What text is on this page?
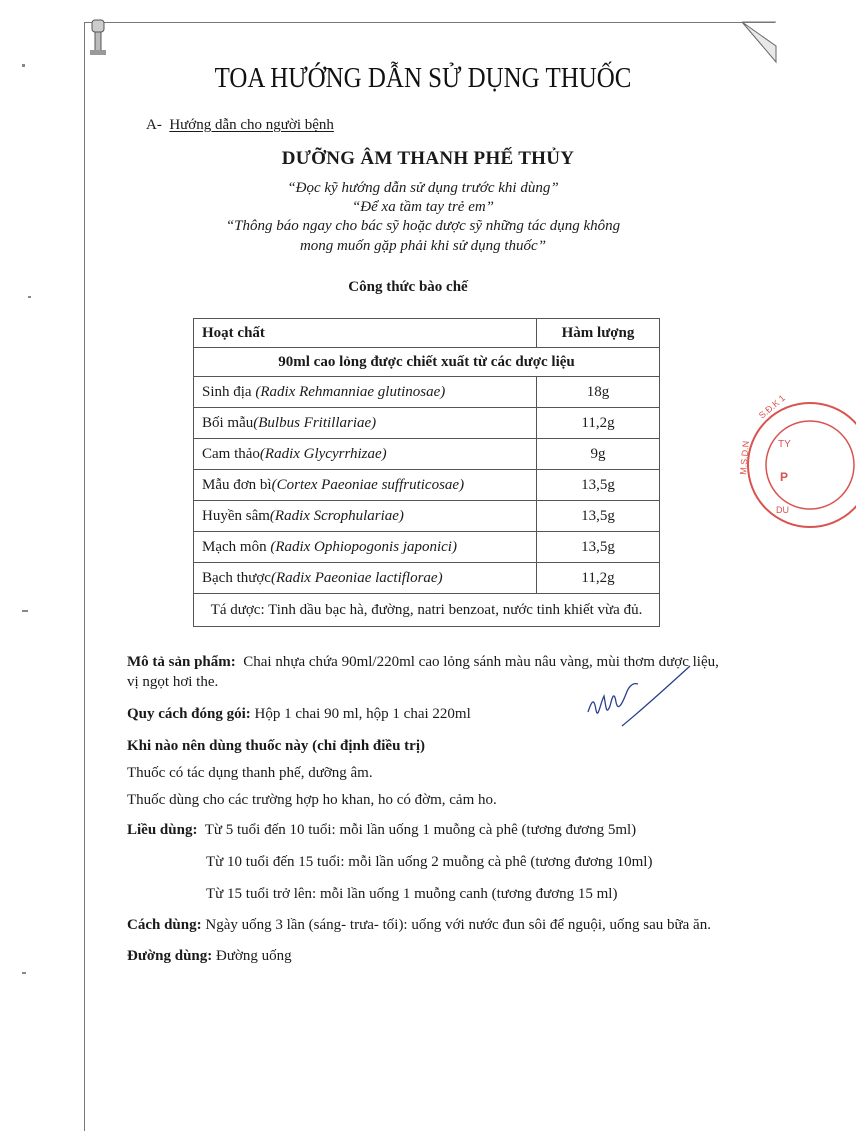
TOA HƯỚNG DẪN SỬ DỤNG THUỐC
A- Hướng dẫn cho người bệnh
DƯỠNG ÂM THANH PHẾ THỦY
“Đọc kỹ hướng dẫn sử dụng trước khi dùng”
“Để xa tầm tay trẻ em”
“Thông báo ngay cho bác sỹ hoặc dược sỹ những tác dụng không
mong muốn gặp phải khi sử dụng thuốc”
Công thức bào chế
Hoạt chất	Hàm lượng
90ml cao lỏng được chiết xuất từ các dược liệu	
Sinh địa (Radix Rehmanniae glutinosae)	18g
Bối mẫu(Bulbus Fritillariae)	11,2g
Cam thảo(Radix Glycyrrhizae)	9g
Mẫu đơn bì(Cortex Paeoniae suffruticosae)	13,5g
Huyền sâm(Radix Scrophulariae)	13,5g
Mạch môn (Radix Ophiopogonis japonici)	13,5g
Bạch thược(Radix Paeoniae lactiflorae)	11,2g
Tá dược: Tinh dầu bạc hà, đường, natri benzoat, nước tinh khiết vừa đủ.	
Mô tả sản phẩm: Chai nhựa chứa 90ml/220ml cao lỏng sánh màu nâu vàng, mùi thơm dược liệu,
vị ngọt hơi the.
Quy cách đóng gói: Hộp 1 chai 90 ml, hộp 1 chai 220ml
Khi nào nên dùng thuốc này (chỉ định điều trị)
Thuốc có tác dụng thanh phế, dưỡng âm.
Thuốc dùng cho các trường hợp ho khan, ho có đờm, cảm ho.
Liều dùng: Từ 5 tuổi đến 10 tuổi: mỗi lần uống 1 muỗng cà phê (tương đương 5ml)
Từ 10 tuổi đến 15 tuổi: mỗi lần uống 2 muỗng cà phê (tương đương 10ml)
Từ 15 tuổi trở lên: mỗi lần uống 1 muỗng canh (tương đương 15 ml)
Cách dùng: Ngày uống 3 lần (sáng- trưa- tối): uống với nước đun sôi để nguội, uống sau bữa ăn.
Đường dùng: Đường uống
S.Đ.K 1
M.S.D.N	TY
P
DU
